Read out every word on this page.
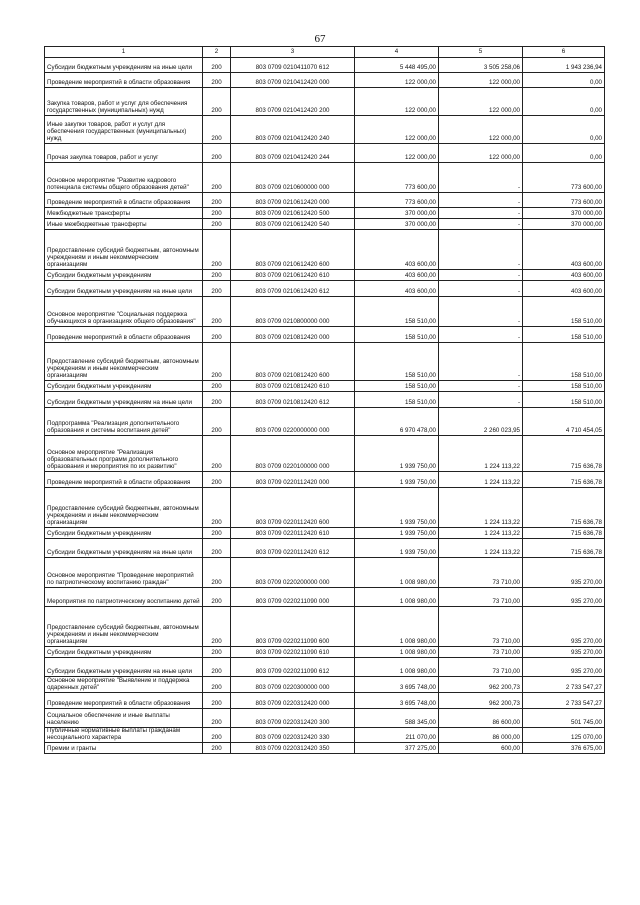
67
1	2	3	4	5	6
Субсидии бюджетным учреждениям на иные цели	200	803 0709 0210411070 612	5 448 495,00	3 505 258,06	1 943 236,94
Проведение мероприятий в области образования	200	803 0709 0210412420 000	122 000,00	122 000,00	0,00
Закупка товаров, работ и услуг для обеспечения государственных (муниципальных) нужд	200	803 0709 0210412420 200	122 000,00	122 000,00	0,00
Иные закупки товаров, работ и услуг для обеспечения государственных (муниципальных) нужд	200	803 0709 0210412420 240	122 000,00	122 000,00	0,00
Прочая закупка товаров, работ и услуг	200	803 0709 0210412420 244	122 000,00	122 000,00	0,00
Основное мероприятие "Развитие кадрового потенциала системы общего образования детей"	200	803 0709 0210600000 000	773 600,00	-	773 600,00
Проведение мероприятий в области образования	200	803 0709 0210612420 000	773 600,00	-	773 600,00
Межбюджетные трансферты	200	803 0709 0210612420 500	370 000,00	-	370 000,00
Иные межбюджетные трансферты	200	803 0709 0210612420 540	370 000,00	-	370 000,00
Предоставление субсидий бюджетным, автономным учреждениям и иным некоммерческим организациям	200	803 0709 0210612420 600	403 600,00	-	403 600,00
Субсидии бюджетным учреждениям	200	803 0709 0210612420 610	403 600,00	-	403 600,00
Субсидии бюджетным учреждениям на иные цели	200	803 0709 0210612420 612	403 600,00	-	403 600,00
Основное мероприятие "Социальная поддержка обучающихся в организациях общего образования"	200	803 0709 0210800000 000	158 510,00	-	158 510,00
Проведение мероприятий в области образования	200	803 0709 0210812420 000	158 510,00	-	158 510,00
Предоставление субсидий бюджетным, автономным учреждениям и иным некоммерческим организациям	200	803 0709 0210812420 600	158 510,00	-	158 510,00
Субсидии бюджетным учреждениям	200	803 0709 0210812420 610	158 510,00	-	158 510,00
Субсидии бюджетным учреждениям на иные цели	200	803 0709 0210812420 612	158 510,00	-	158 510,00
Подпрограмма "Реализация дополнительного образования и системы воспитания детей"	200	803 0709 0220000000 000	6 970 478,00	2 260 023,95	4 710 454,05
Основное мероприятие "Реализация образовательных программ дополнительного образования и мероприятия по их развитию"	200	803 0709 0220100000 000	1 939 750,00	1 224 113,22	715 636,78
Проведение мероприятий в области образования	200	803 0709 0220112420 000	1 939 750,00	1 224 113,22	715 636,78
Предоставление субсидий бюджетным, автономным учреждениям и иным некоммерческим организациям	200	803 0709 0220112420 600	1 939 750,00	1 224 113,22	715 636,78
Субсидии бюджетным учреждениям	200	803 0709 0220112420 610	1 939 750,00	1 224 113,22	715 636,78
Субсидии бюджетным учреждениям на иные цели	200	803 0709 0220112420 612	1 939 750,00	1 224 113,22	715 636,78
Основное мероприятие "Проведение мероприятий по патриотическому воспитанию граждан"	200	803 0709 0220200000 000	1 008 980,00	73 710,00	935 270,00
Мероприятия по патриотическому воспитанию детей	200	803 0709 0220211090 000	1 008 980,00	73 710,00	935 270,00
Предоставление субсидий бюджетным, автономным учреждениям и иным некоммерческим организациям	200	803 0709 0220211090 600	1 008 980,00	73 710,00	935 270,00
Субсидии бюджетным учреждениям	200	803 0709 0220211090 610	1 008 980,00	73 710,00	935 270,00
Субсидии бюджетным учреждениям на иные цели	200	803 0709 0220211090 612	1 008 980,00	73 710,00	935 270,00
Основное мероприятие "Выявление и поддержка одаренных детей"	200	803 0709 0220300000 000	3 695 748,00	962 200,73	2 733 547,27
Проведение мероприятий в области образования	200	803 0709 0220312420 000	3 695 748,00	962 200,73	2 733 547,27
Социальное обеспечение и иные выплаты населению	200	803 0709 0220312420 300	588 345,00	86 600,00	501 745,00
Публичные нормативные выплаты гражданам несоциального характера	200	803 0709 0220312420 330	211 070,00	86 000,00	125 070,00
Премии и гранты	200	803 0709 0220312420 350	377 275,00	600,00	376 675,00
